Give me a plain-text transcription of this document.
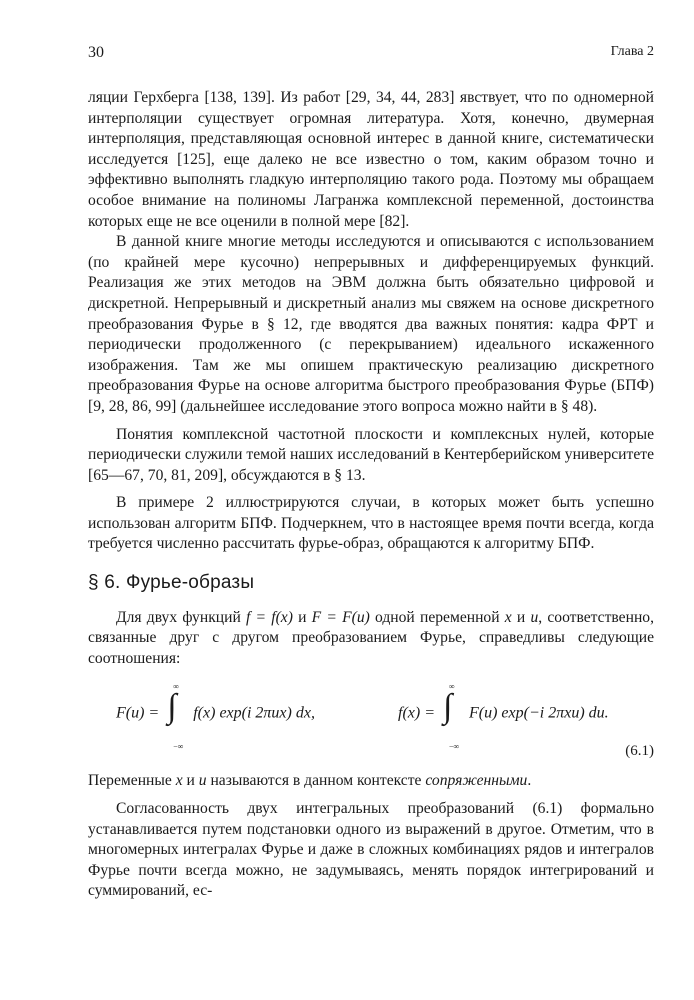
30	Глава 2

ляции Герхберга [138, 139]. Из работ [29, 34, 44, 283] явствует, что по одномерной интерполяции существует огромная литература. Хотя, конечно, двумерная интерполяция, представляющая основной интерес в данной книге, систематически исследуется [125], еще далеко не все известно о том, каким образом точно и эффективно выполнять гладкую интерполяцию такого рода. Поэтому мы обращаем особое внимание на полиномы Лагранжа комплексной переменной, достоинства которых еще не все оценили в полной мере [82].

В данной книге многие методы исследуются и описываются с использованием (по крайней мере кусочно) непрерывных и дифференцируемых функций. Реализация же этих методов на ЭВМ должна быть обязательно цифровой и дискретной. Непрерывный и дискретный анализ мы свяжем на основе дискретного преобразования Фурье в § 12, где вводятся два важных понятия: кадра ФРТ и периодически продолженного (с перекрыванием) идеального искаженного изображения. Там же мы опишем практическую реализацию дискретного преобразования Фурье на основе алгоритма быстрого преобразования Фурье (БПФ) [9, 28, 86, 99] (дальнейшее исследование этого вопроса можно найти в § 48).

Понятия комплексной частотной плоскости и комплексных нулей, которые периодически служили темой наших исследований в Кентерберийском университете [65—67, 70, 81, 209], обсуждаются в § 13.

В примере 2 иллюстрируются случаи, в которых может быть успешно использован алгоритм БПФ. Подчеркнем, что в настоящее время почти всегда, когда требуется численно рассчитать фурье-образ, обращаются к алгоритму БПФ.

§ 6. Фурье-образы

Для двух функций f = f(x) и F = F(u) одной переменной x и u, соответственно, связанные друг с другом преобразованием Фурье, справедливы следующие соотношения:

F(u) =
∞
∫
−∞
f(x) exp(i 2πux) dx,	f(x) =
∞
∫
−∞
F(u) exp(−i 2πxu) du.
(6.1)

Переменные x и u называются в данном контексте сопряженными.

Согласованность двух интегральных преобразований (6.1) формально устанавливается путем подстановки одного из выражений в другое. Отметим, что в многомерных интегралах Фурье и даже в сложных комбинациях рядов и интегралов Фурье почти всегда можно, не задумываясь, менять порядок интегрирований и суммирований, ес-
